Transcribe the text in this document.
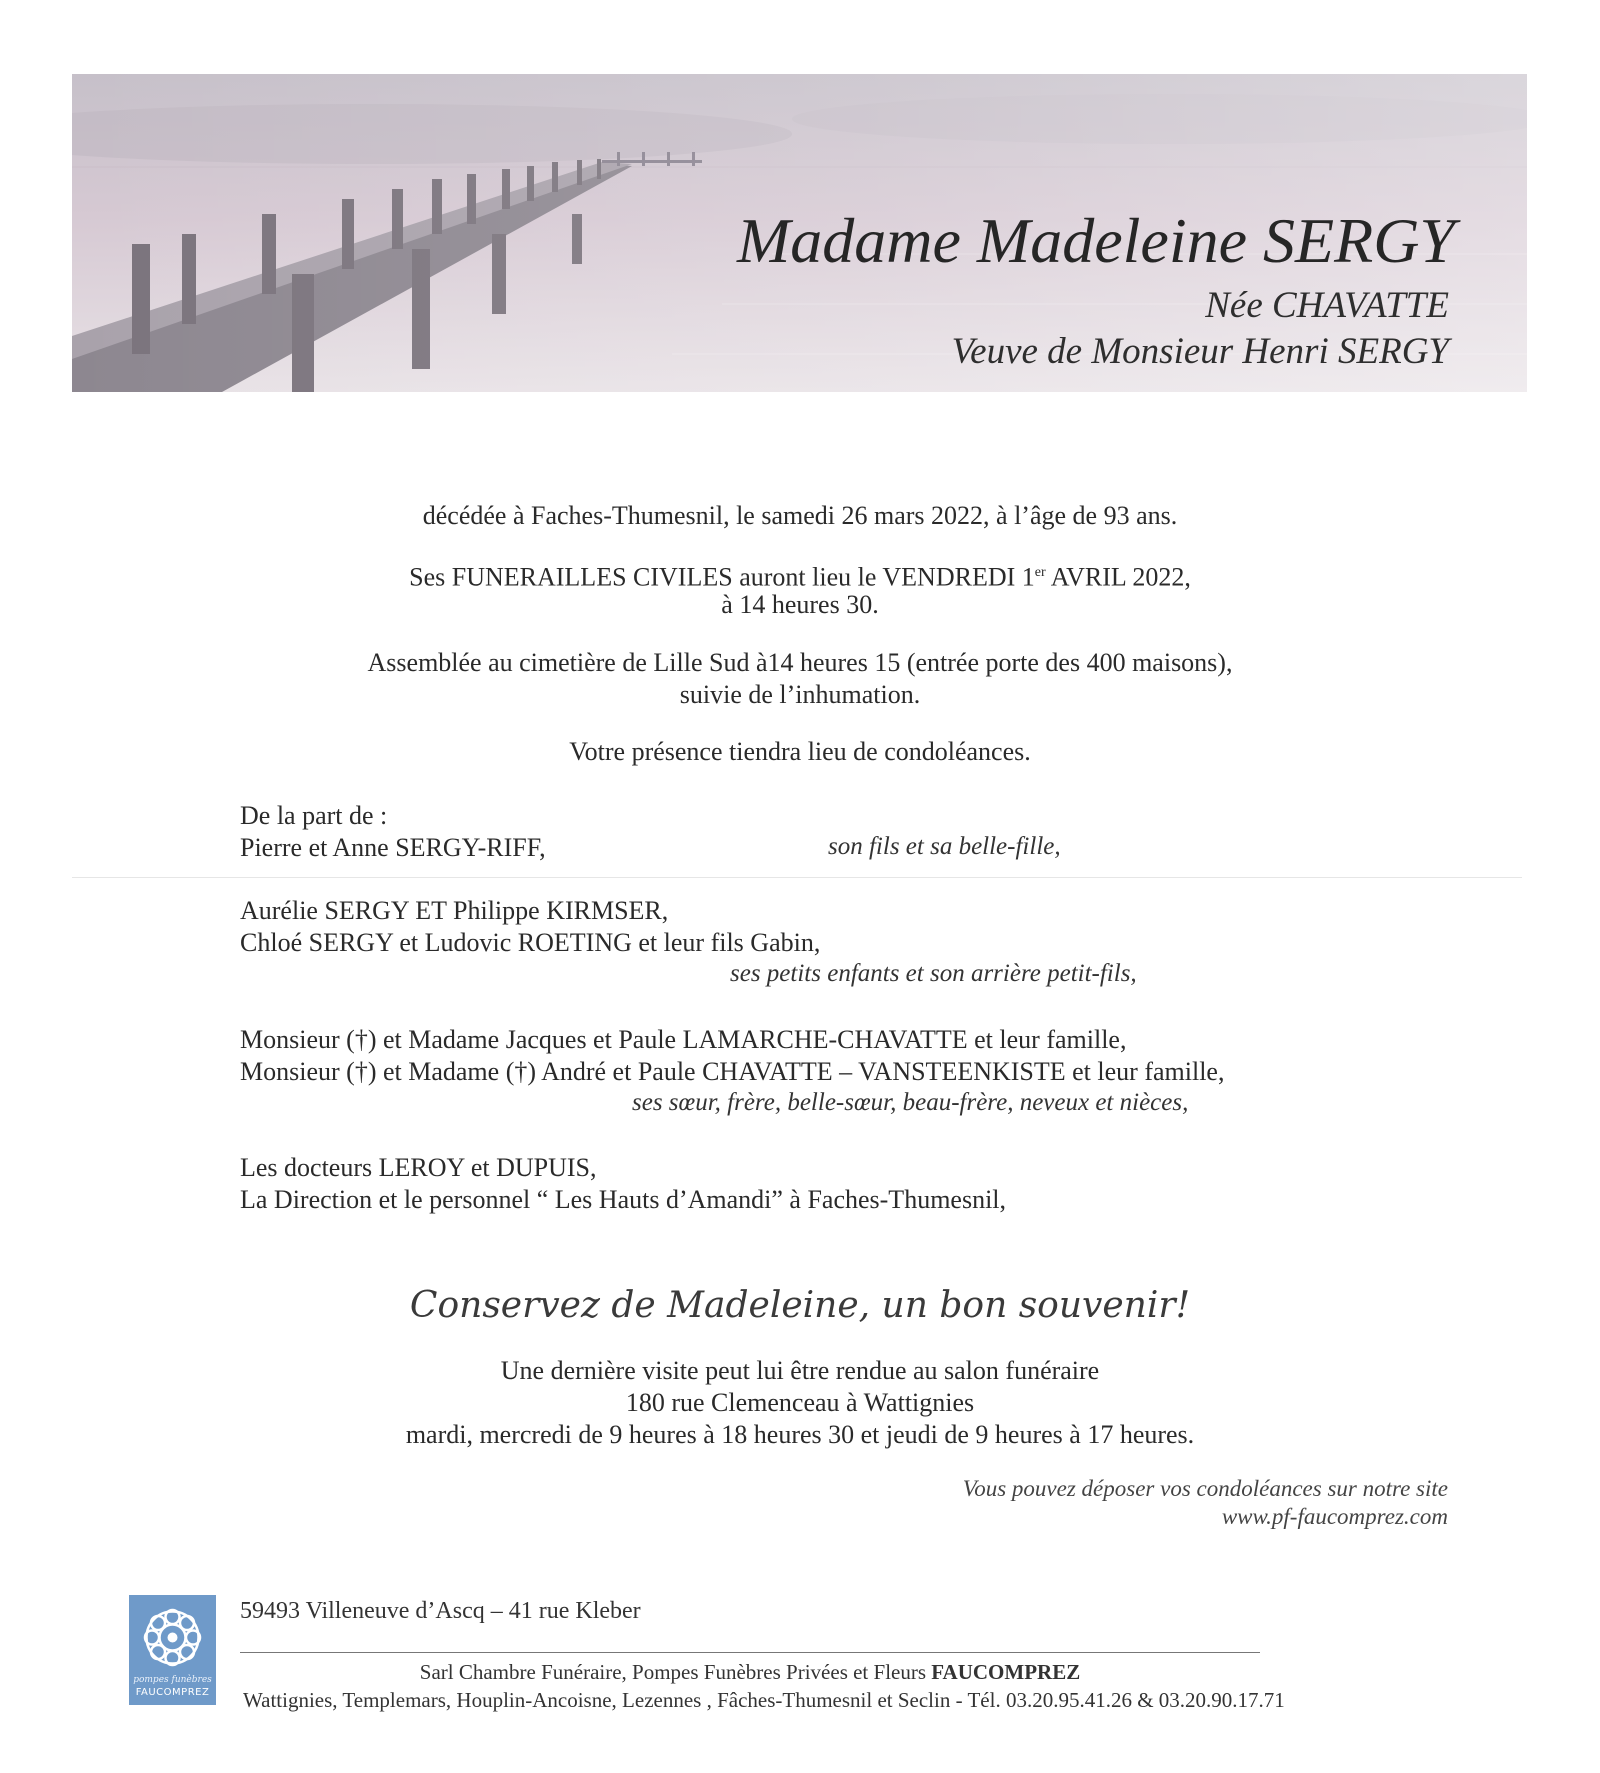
Madame Madeleine SERGY

Née CHAVATTE

Veuve de Monsieur Henri SERGY

décédée à Faches-Thumesnil, le samedi 26 mars 2022, à l’âge de 93 ans.

Ses FUNERAILLES CIVILES auront lieu le VENDREDI 1er AVRIL 2022,

à 14 heures 30.

Assemblée au cimetière de Lille Sud à14 heures 15 (entrée porte des 400 maisons),

suivie de l’inhumation.

Votre présence tiendra lieu de condoléances.

De la part de :

Pierre et Anne SERGY-RIFF,	son fils et sa belle-fille,

Aurélie SERGY ET Philippe KIRMSER,

Chloé SERGY et Ludovic ROETING et leur fils Gabin,

ses petits enfants et son arrière petit-fils,

Monsieur (†) et Madame Jacques et Paule LAMARCHE-CHAVATTE et leur famille,

Monsieur (†) et Madame (†) André et Paule CHAVATTE – VANSTEENKISTE et leur famille,

ses sœur, frère, belle-sœur, beau-frère, neveux et nièces,

Les docteurs LEROY et DUPUIS,

La Direction et le personnel “ Les Hauts d’Amandi” à Faches-Thumesnil,

Conservez de Madeleine, un bon souvenir!

Une dernière visite peut lui être rendue au salon funéraire

180 rue Clemenceau à Wattignies

mardi, mercredi de 9 heures à 18 heures 30 et jeudi de 9 heures à 17 heures.

Vous pouvez déposer vos condoléances sur notre site

www.pf-faucomprez.com

pompes funèbres
FAUCOMPREZ

59493 Villeneuve d’Ascq – 41 rue Kleber

Sarl Chambre Funéraire, Pompes Funèbres Privées et Fleurs FAUCOMPREZ

Wattignies, Templemars, Houplin-Ancoisne, Lezennes , Fâches-Thumesnil et Seclin - Tél. 03.20.95.41.26 & 03.20.90.17.71
